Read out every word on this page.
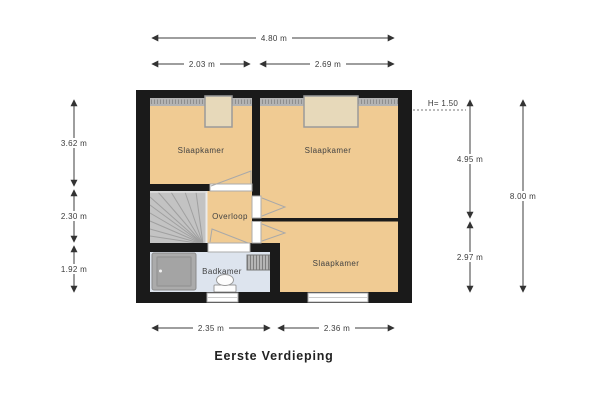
Slaapkamer	Slaapkamer
Overloop
Badkamer
Slaapkamer
4.80 m
2.03 m	2.69 m
3.62 m
2.30 m
1.92 m
4.95 m
2.97 m
8.00 m
2.35 m	2.36 m
H= 1.50
Eerste Verdieping
